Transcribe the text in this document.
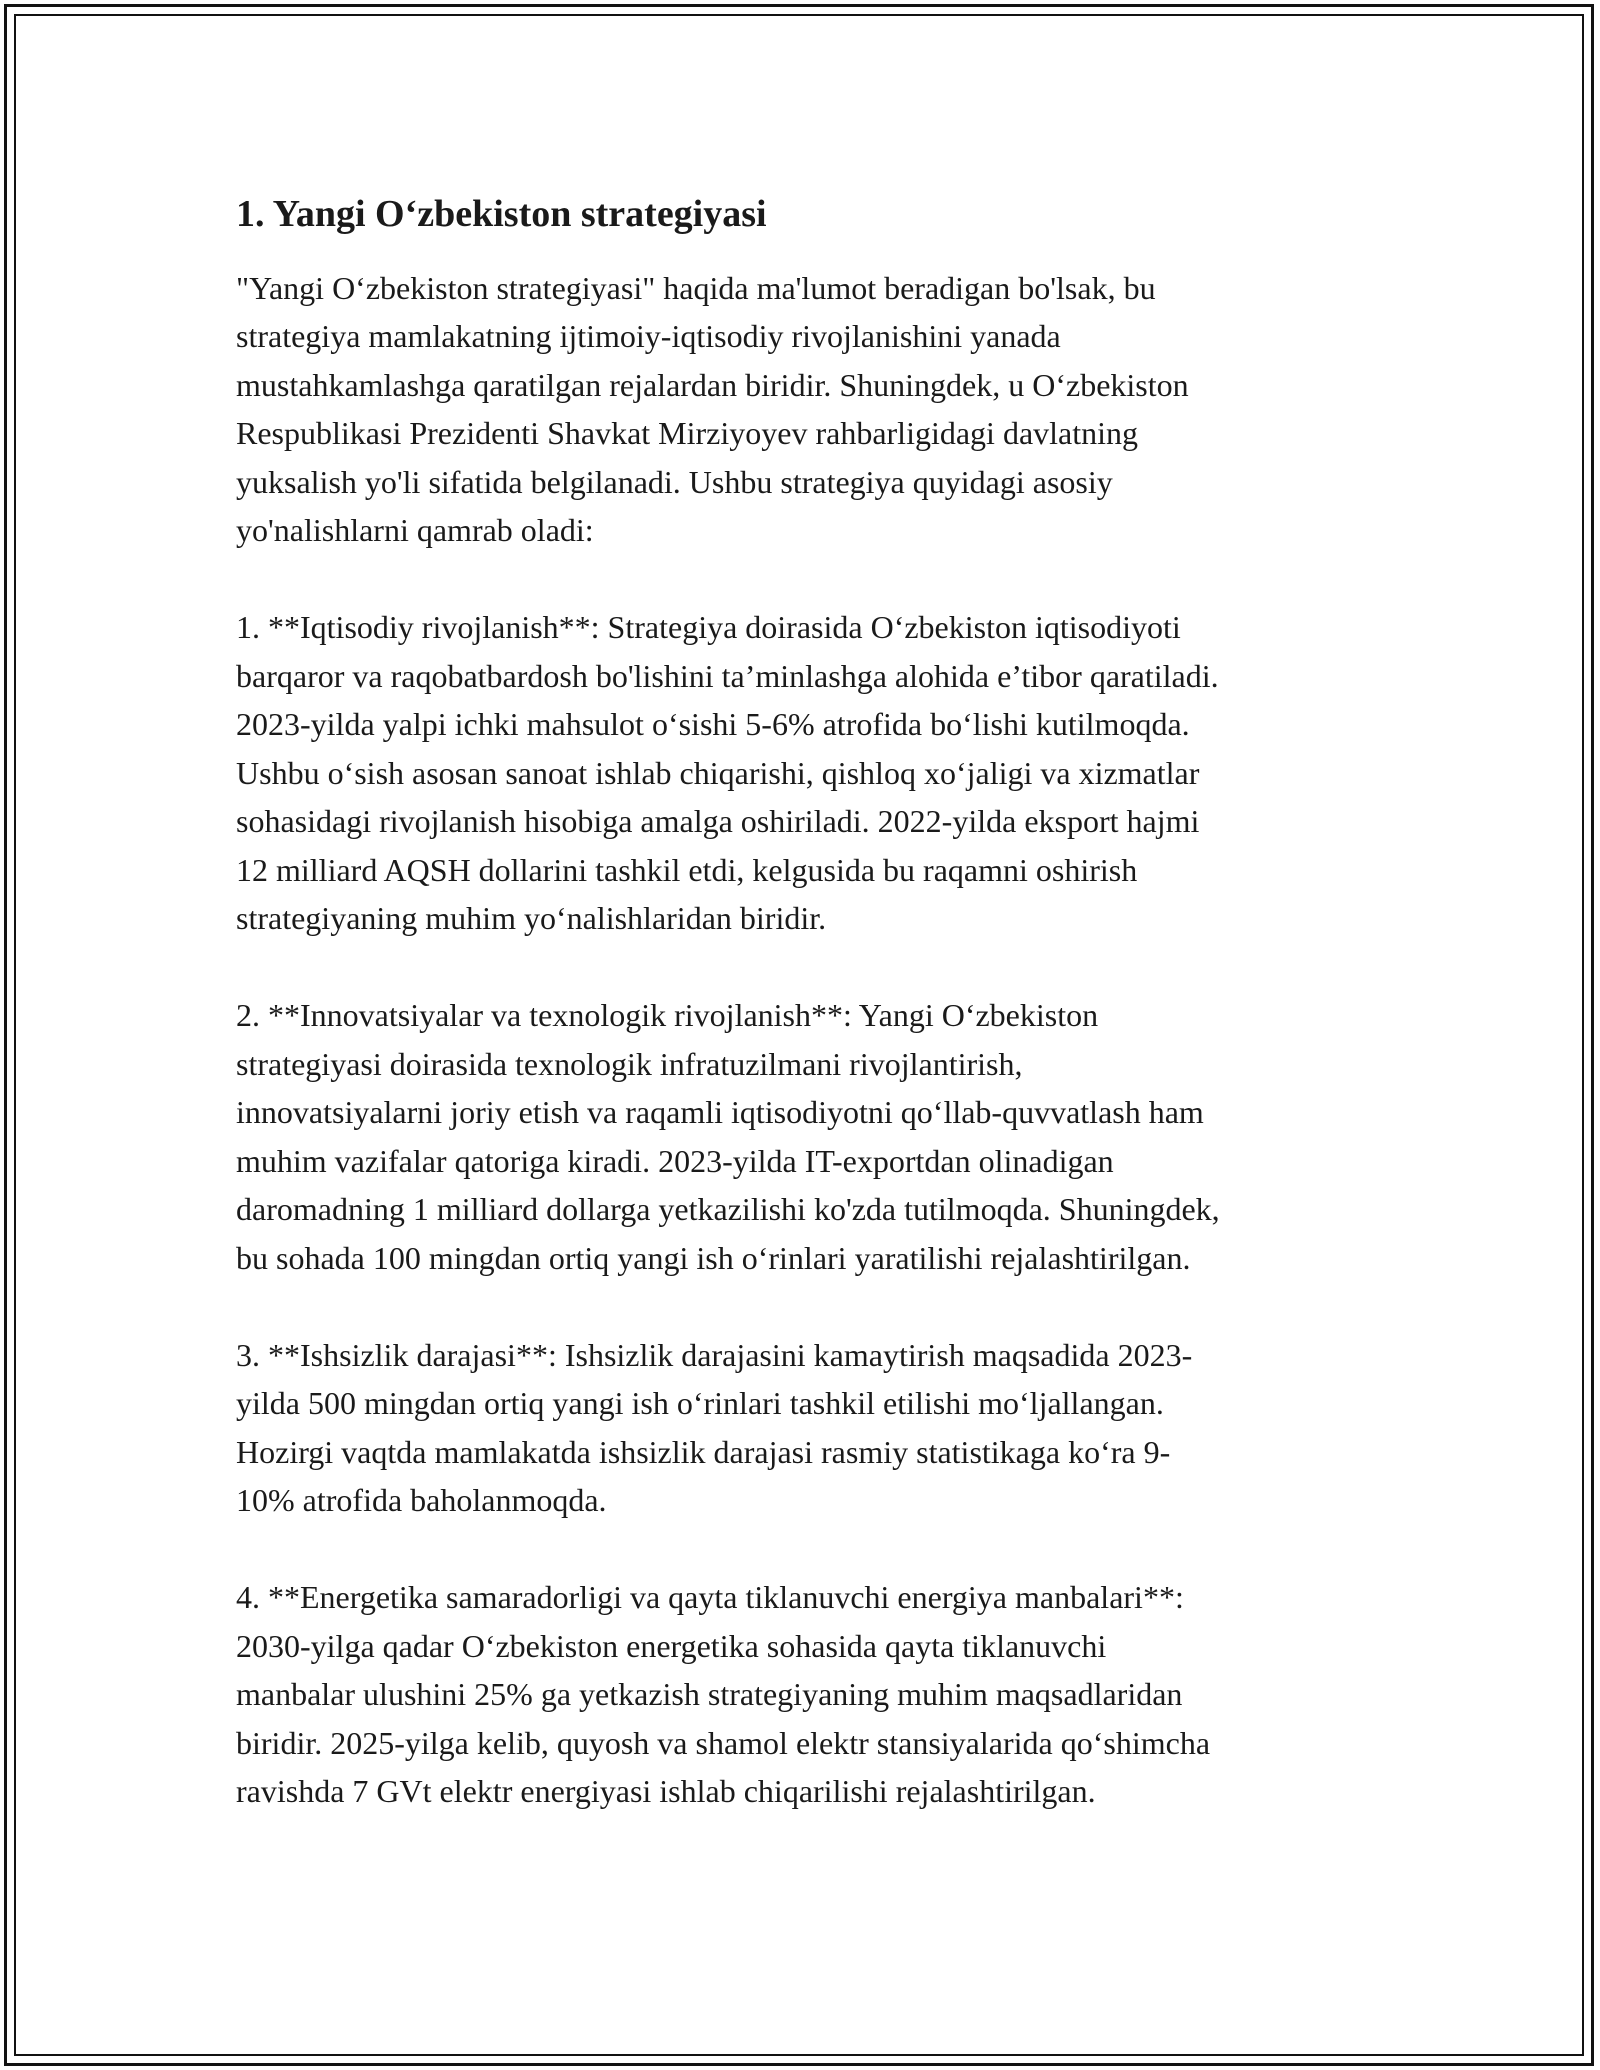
1. Yangi O‘zbekiston strategiyasi

"Yangi O‘zbekiston strategiyasi" haqida ma'lumot beradigan bo'lsak, bu
strategiya mamlakatning ijtimoiy-iqtisodiy rivojlanishini yanada
mustahkamlashga qaratilgan rejalardan biridir. Shuningdek, u O‘zbekiston
Respublikasi Prezidenti Shavkat Mirziyoyev rahbarligidagi davlatning
yuksalish yo'li sifatida belgilanadi. Ushbu strategiya quyidagi asosiy
yo'nalishlarni qamrab oladi:

1. **Iqtisodiy rivojlanish**: Strategiya doirasida O‘zbekiston iqtisodiyoti
barqaror va raqobatbardosh bo'lishini ta’minlashga alohida e’tibor qaratiladi.
2023-yilda yalpi ichki mahsulot o‘sishi 5-6% atrofida bo‘lishi kutilmoqda.
Ushbu o‘sish asosan sanoat ishlab chiqarishi, qishloq xo‘jaligi va xizmatlar
sohasidagi rivojlanish hisobiga amalga oshiriladi. 2022-yilda eksport hajmi
12 milliard AQSH dollarini tashkil etdi, kelgusida bu raqamni oshirish
strategiyaning muhim yo‘nalishlaridan biridir.

2. **Innovatsiyalar va texnologik rivojlanish**: Yangi O‘zbekiston
strategiyasi doirasida texnologik infratuzilmani rivojlantirish,
innovatsiyalarni joriy etish va raqamli iqtisodiyotni qo‘llab-quvvatlash ham
muhim vazifalar qatoriga kiradi. 2023-yilda IT-exportdan olinadigan
daromadning 1 milliard dollarga yetkazilishi ko'zda tutilmoqda. Shuningdek,
bu sohada 100 mingdan ortiq yangi ish o‘rinlari yaratilishi rejalashtirilgan.

3. **Ishsizlik darajasi**: Ishsizlik darajasini kamaytirish maqsadida 2023-
yilda 500 mingdan ortiq yangi ish o‘rinlari tashkil etilishi mo‘ljallangan.
Hozirgi vaqtda mamlakatda ishsizlik darajasi rasmiy statistikaga ko‘ra 9-
10% atrofida baholanmoqda.

4. **Energetika samaradorligi va qayta tiklanuvchi energiya manbalari**:
2030-yilga qadar O‘zbekiston energetika sohasida qayta tiklanuvchi
manbalar ulushini 25% ga yetkazish strategiyaning muhim maqsadlaridan
biridir. 2025-yilga kelib, quyosh va shamol elektr stansiyalarida qo‘shimcha
ravishda 7 GVt elektr energiyasi ishlab chiqarilishi rejalashtirilgan.
